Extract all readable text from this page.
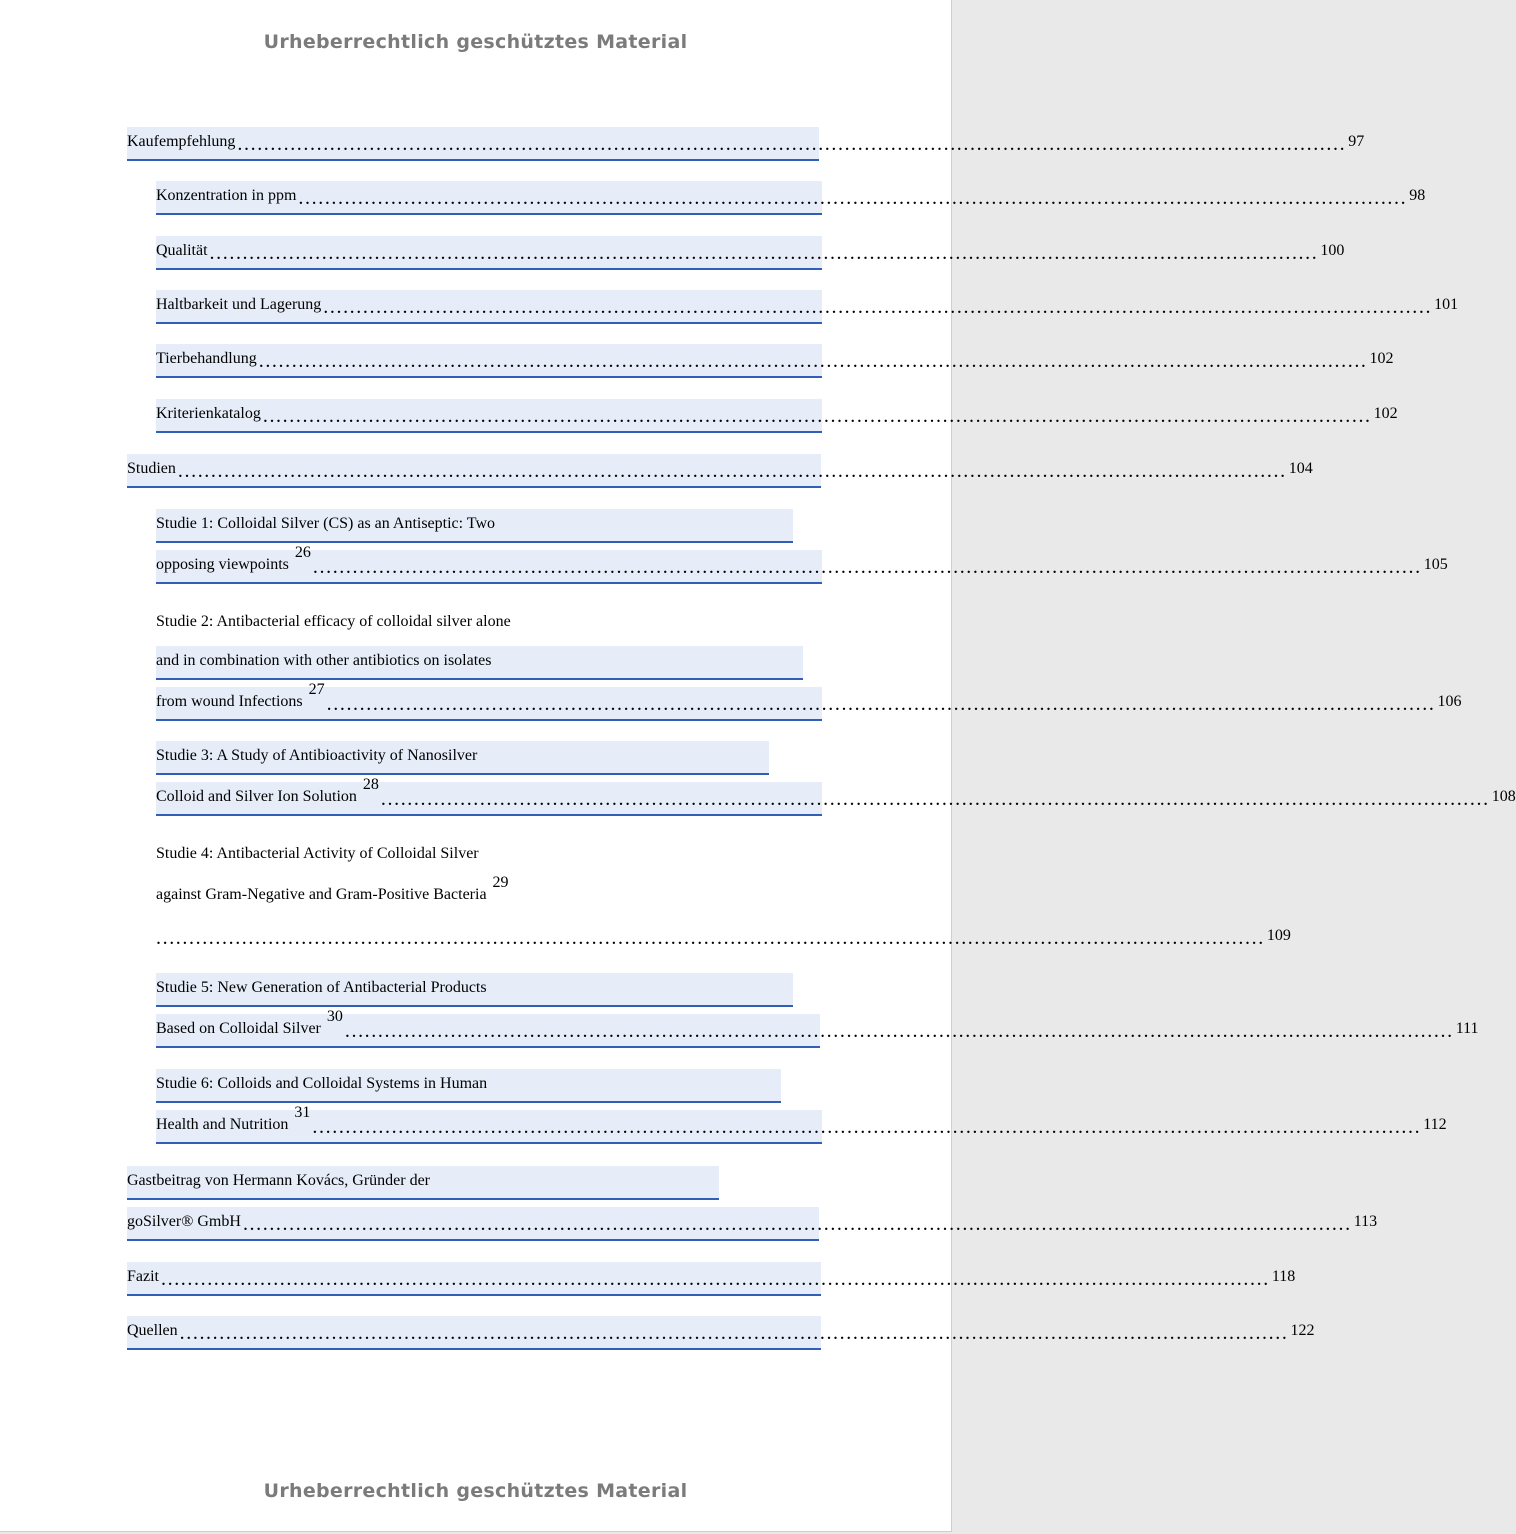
Urheberrechtlich geschütztes Material
Kaufempfehlung ........................................................................................................................................................................ 97
Konzentration in ppm ........................................................................................................................................................................ 98
Qualität ........................................................................................................................................................................ 100
Haltbarkeit und Lagerung ........................................................................................................................................................................ 101
Tierbehandlung ........................................................................................................................................................................ 102
Kriterienkatalog ........................................................................................................................................................................ 102
Studien ........................................................................................................................................................................ 104
Studie 1: Colloidal Silver (CS) as an Antiseptic: Two
opposing viewpoints
26
........................................................................................................................................................................ 105
Studie 2: Antibacterial efficacy of colloidal silver alone
and in combination with other antibiotics on isolates
from wound Infections
27
........................................................................................................................................................................ 106
Studie 3: A Study of Antibioactivity of Nanosilver
Colloid and Silver Ion Solution
28
........................................................................................................................................................................ 108
Studie 4: Antibacterial Activity of Colloidal Silver
against Gram-Negative and Gram-Positive Bacteria
29
........................................................................................................................................................................ 109
Studie 5: New Generation of Antibacterial Products
Based on Colloidal Silver
30
........................................................................................................................................................................ 111
Studie 6: Colloids and Colloidal Systems in Human
Health and Nutrition
31
........................................................................................................................................................................ 112
Gastbeitrag von Hermann Kovács, Gründer der
goSilver® GmbH ........................................................................................................................................................................ 113
Fazit ........................................................................................................................................................................ 118
Quellen ........................................................................................................................................................................ 122
Urheberrechtlich geschütztes Material
